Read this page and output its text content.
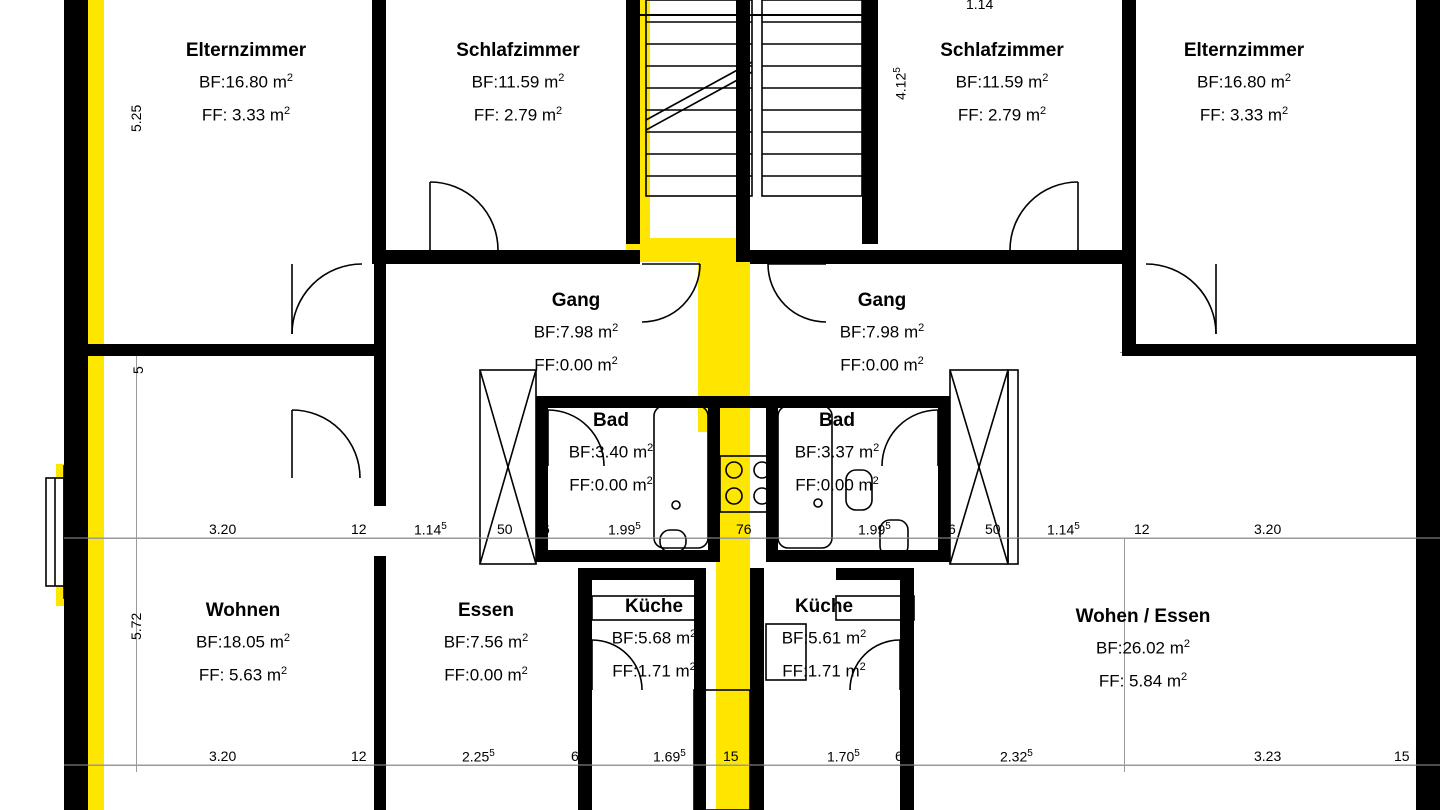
Elternzimmer
BF:16.80 $m^2$
FF: 3.33 $m^2$
Schlafzimmer
BF:11.59 $m^2$
FF: 2.79 $m^2$
Schlafzimmer
BF:11.59 $m^2$
FF: 2.79 $m^2$
Elternzimmer
BF:16.80 $m^2$
FF: 3.33 $m^2$
Gang
BF:7.98 $m^2$
FF:0.00 $m^2$
Gang
BF:7.98 $m^2$
FF:0.00 $m^2$
Bad
BF:3.40 $m^2$
FF:0.00 $m^2$
Bad
BF:3.37 $m^2$
FF:0.00 $m^2$
Wohnen
BF:18.05 $m^2$
FF: 5.63 $m^2$
Essen
BF:7.56 $m^2$
FF:0.00 $m^2$
Küche
BF:5.68 $m^2$
FF:1.71 $m^2$
Küche
BF:5.61 $m^2$
FF:1.71 $m^2$
Wohen / Essen
BF:26.02 $m^2$
FF: 5.84 $m^2$
5.25
5
5.72
4.12$^5$
1.14
3.20	12	1.14$^5$	50 6	1.99$^5$	76	1.99$^5$	6 50	1.14$^5$	12	3.20	30
3.20	12	2.25$^5$	6	1.69$^5$	15	1.70$^5$	6	2.32$^5$	3.23	15
